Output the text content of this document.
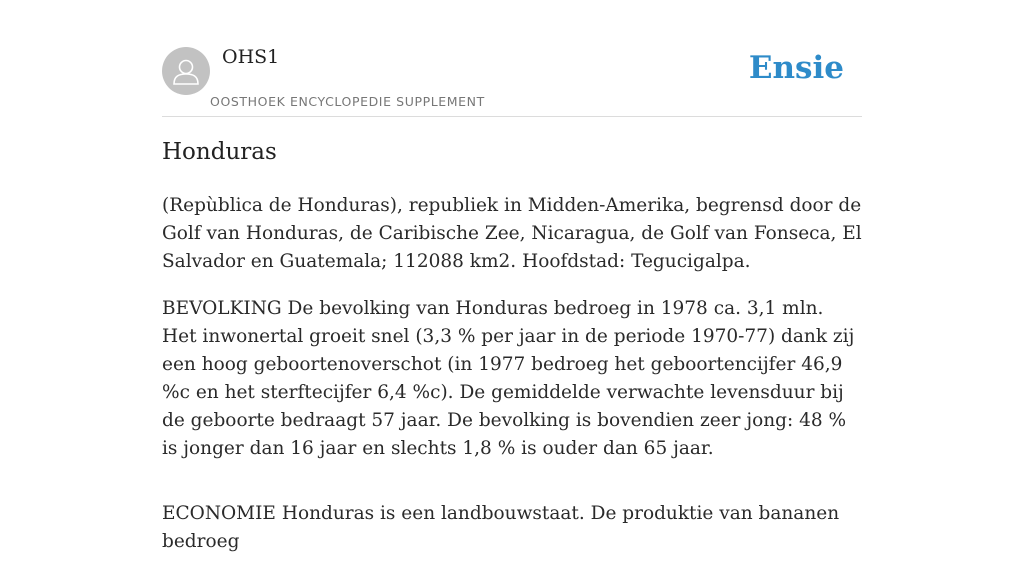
OHS1
OOSTHOEK ENCYCLOPEDIE SUPPLEMENT
Ensie
Honduras

(Repùblica de Honduras), republiek in Midden-Amerika, begrensd door de Golf van Honduras, de Caribische Zee, Nicaragua, de Golf van Fonseca, El Salvador en Guatemala; 112088 km2. Hoofdstad: Tegucigalpa.

BEVOLKING De bevolking van Honduras bedroeg in 1978 ca. 3,1 mln. Het inwonertal groeit snel (3,3 % per jaar in de periode 1970-77) dank zij een hoog geboortenoverschot (in 1977 bedroeg het geboortencijfer 46,9 %c en het sterftecijfer 6,4 %c). De gemiddelde verwachte levensduur bij de geboorte bedraagt 57 jaar. De bevolking is bovendien zeer jong: 48 % is jonger dan 16 jaar en slechts 1,8 % is ouder dan 65 jaar.

ECONOMIE Honduras is een landbouwstaat. De produktie van bananen bedroeg
